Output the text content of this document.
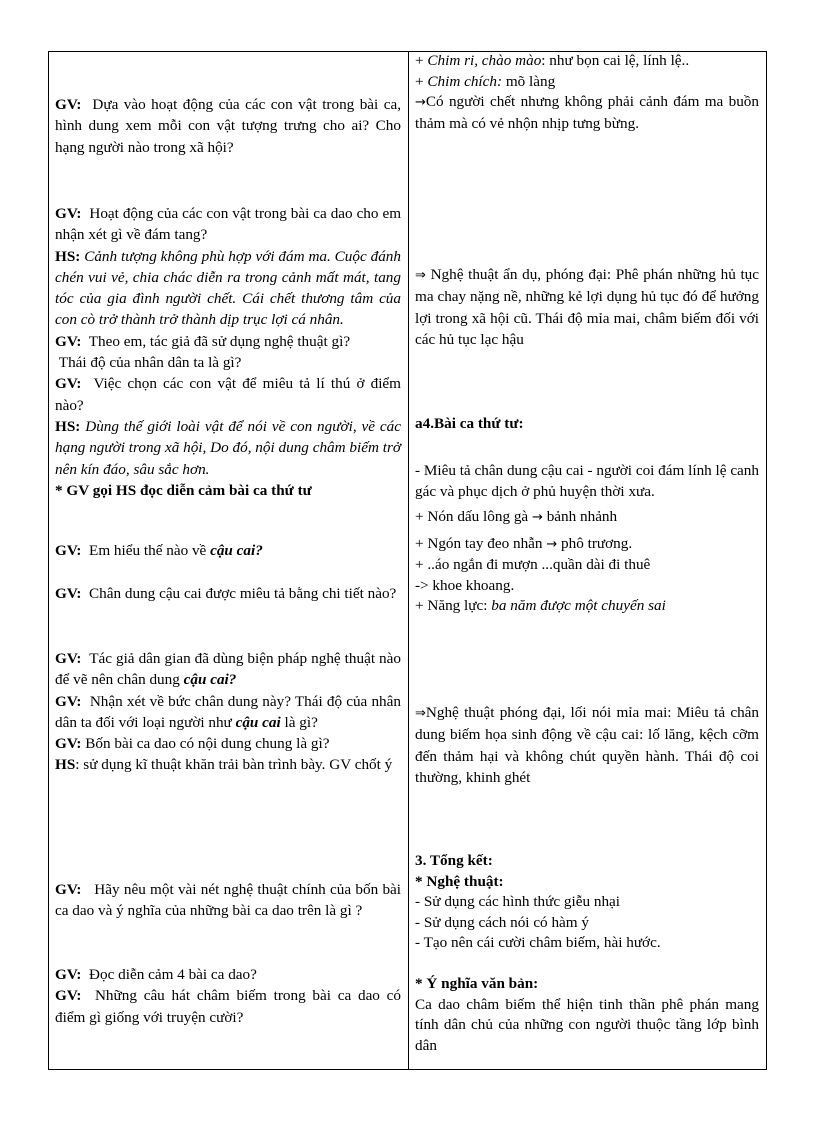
GV: Dựa vào hoạt động của các con vật trong bài ca, hình dung xem mỗi con vật tượng trưng cho ai? Cho hạng người nào trong xã hội?

GV: Hoạt động của các con vật trong bài ca dao cho em nhận xét gì về đám tang?

HS: Cảnh tượng không phù hợp với đám ma. Cuộc đánh chén vui vẻ, chia chác diễn ra trong cảnh mất mát, tang tóc của gia đình người chết. Cái chết thương tâm của con cò trở thành trở thành dịp trục lợi cá nhân.

GV: Theo em, tác giả đã sử dụng nghệ thuật gì?

Thái độ của nhân dân ta là gì?

GV: Việc chọn các con vật để miêu tả lí thú ở điểm nào?

HS: Dùng thế giới loài vật để nói về con người, về các hạng người trong xã hội, Do đó, nội dung châm biếm trở nên kín đáo, sâu sắc hơn.

* GV gọi HS đọc diễn cảm bài ca thứ tư

GV: Em hiểu thế nào về cậu cai?
GV: Chân dung cậu cai được miêu tả bằng chi tiết nào?

GV: Tác giả dân gian đã dùng biện pháp nghệ thuật nào để vẽ nên chân dung cậu cai?

GV: Nhận xét về bức chân dung này? Thái độ của nhân dân ta đối với loại người như cậu cai là gì?

GV: Bốn bài ca dao có nội dung chung là gì?

HS: sử dụng kĩ thuật khăn trải bàn trình bày. GV chốt ý

GV: Hãy nêu một vài nét nghệ thuật chính của bốn bài ca dao và ý nghĩa của những bài ca dao trên là gì ?

GV: Đọc diễn cảm 4 bài ca dao?

GV: Những câu hát châm biếm trong bài ca dao có điểm gì giống với truyện cười?

+ Chim ri, chào mào: như bọn cai lệ, lính lệ..

+ Chim chích: mõ làng

→Có người chết nhưng không phải cảnh đám ma buồn thảm mà có vẻ nhộn nhịp tưng bừng.

⇒ Nghệ thuật ẩn dụ, phóng đại: Phê phán những hủ tục ma chay nặng nề, những kẻ lợi dụng hủ tục đó để hưởng lợi trong xã hội cũ. Thái độ mỉa mai, châm biếm đối với các hủ tục lạc hậu

a4.Bài ca thứ tư:

- Miêu tả chân dung cậu cai - người coi đám lính lệ canh gác và phục dịch ở phủ huyện thời xưa.

+ Nón dấu lông gà → bảnh nhảnh

+ Ngón tay đeo nhẫn → phô trương.

+ ..áo ngắn đi mượn ...quần dài đi thuê

-> khoe khoang.

+ Năng lực: ba năm được một chuyến sai

⇒Nghệ thuật phóng đại, lối nói mỉa mai: Miêu tả chân dung biếm họa sinh động về cậu cai: lố lăng, kệch cỡm đến thảm hại và không chút quyền hành. Thái độ coi thường, khinh ghét

3. Tổng kết:

* Nghệ thuật:

- Sử dụng các hình thức giễu nhại

- Sử dụng cách nói có hàm ý

- Tạo nên cái cười châm biếm, hài hước.

* Ý nghĩa văn bản:

Ca dao châm biếm thể hiện tinh thần phê phán mang tính dân chủ của những con người thuộc tầng lớp bình dân
